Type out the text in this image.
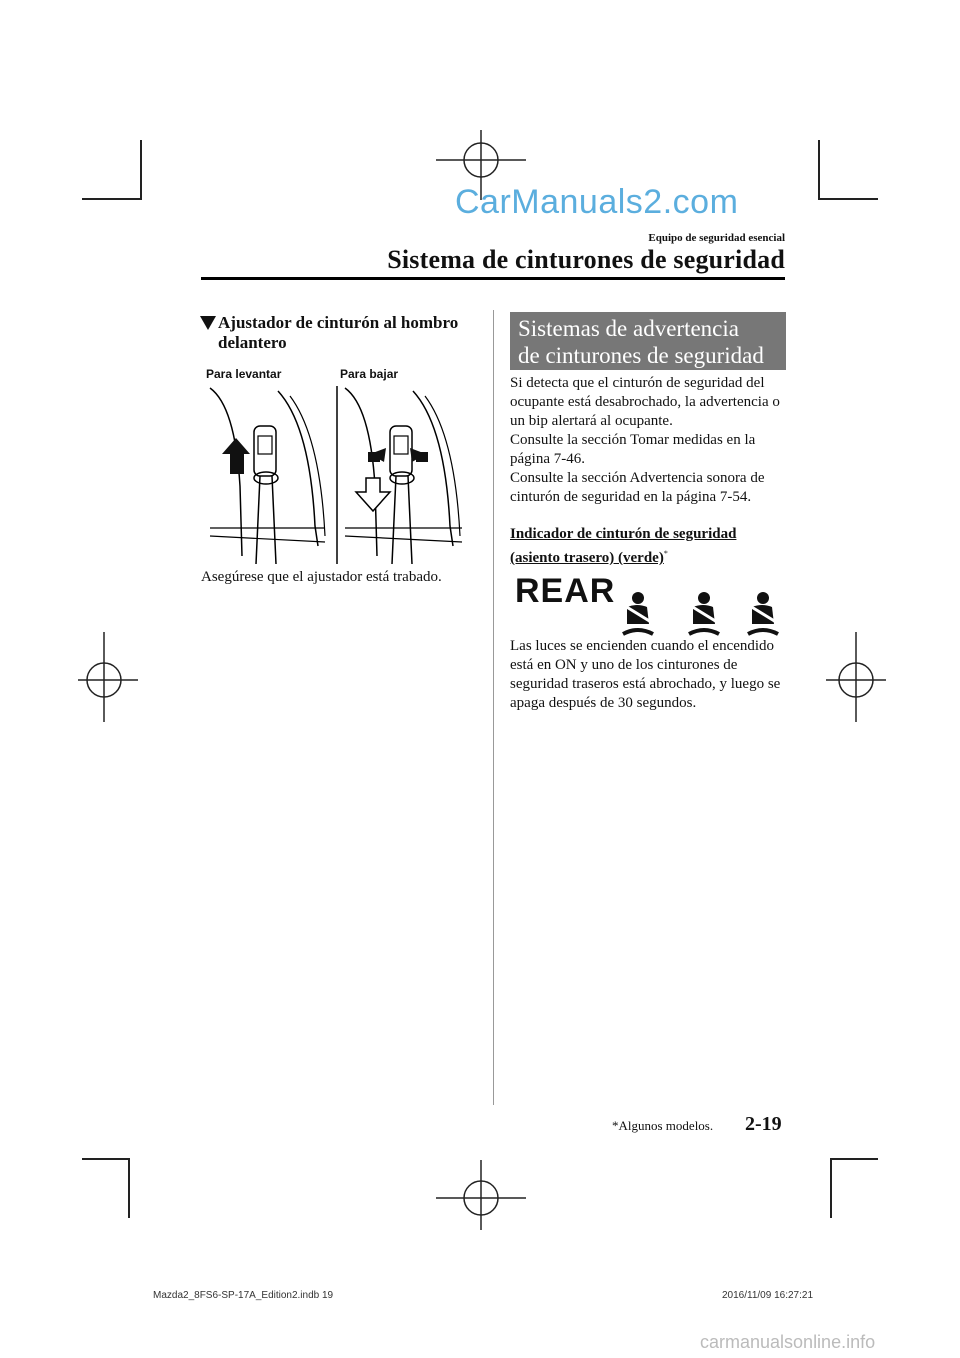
CarManuals2.com
Equipo de seguridad esencial
Sistema de cinturones de seguridad
Ajustador de cinturón al hombro delantero
Para levantar	Para bajar
Asegúrese que el ajustador está trabado.
Sistemas de advertencia
de cinturones de seguridad
Si detecta que el cinturón de seguridad del ocupante está desabrochado, la advertencia o un bip alertará al ocupante.
Consulte la sección Tomar medidas en la página 7-46.
Consulte la sección Advertencia sonora de cinturón de seguridad en la página 7-54.
Indicador de cinturón de seguridad (asiento trasero) (verde)*
REAR
Las luces se encienden cuando el encendido está en ON y uno de los cinturones de seguridad traseros está abrochado, y luego se apaga después de 30 segundos.
*Algunos modelos. 2-19
Mazda2_8FS6-SP-17A_Edition2.indb 19	2016/11/09 16:27:21
carmanualsonline.info
